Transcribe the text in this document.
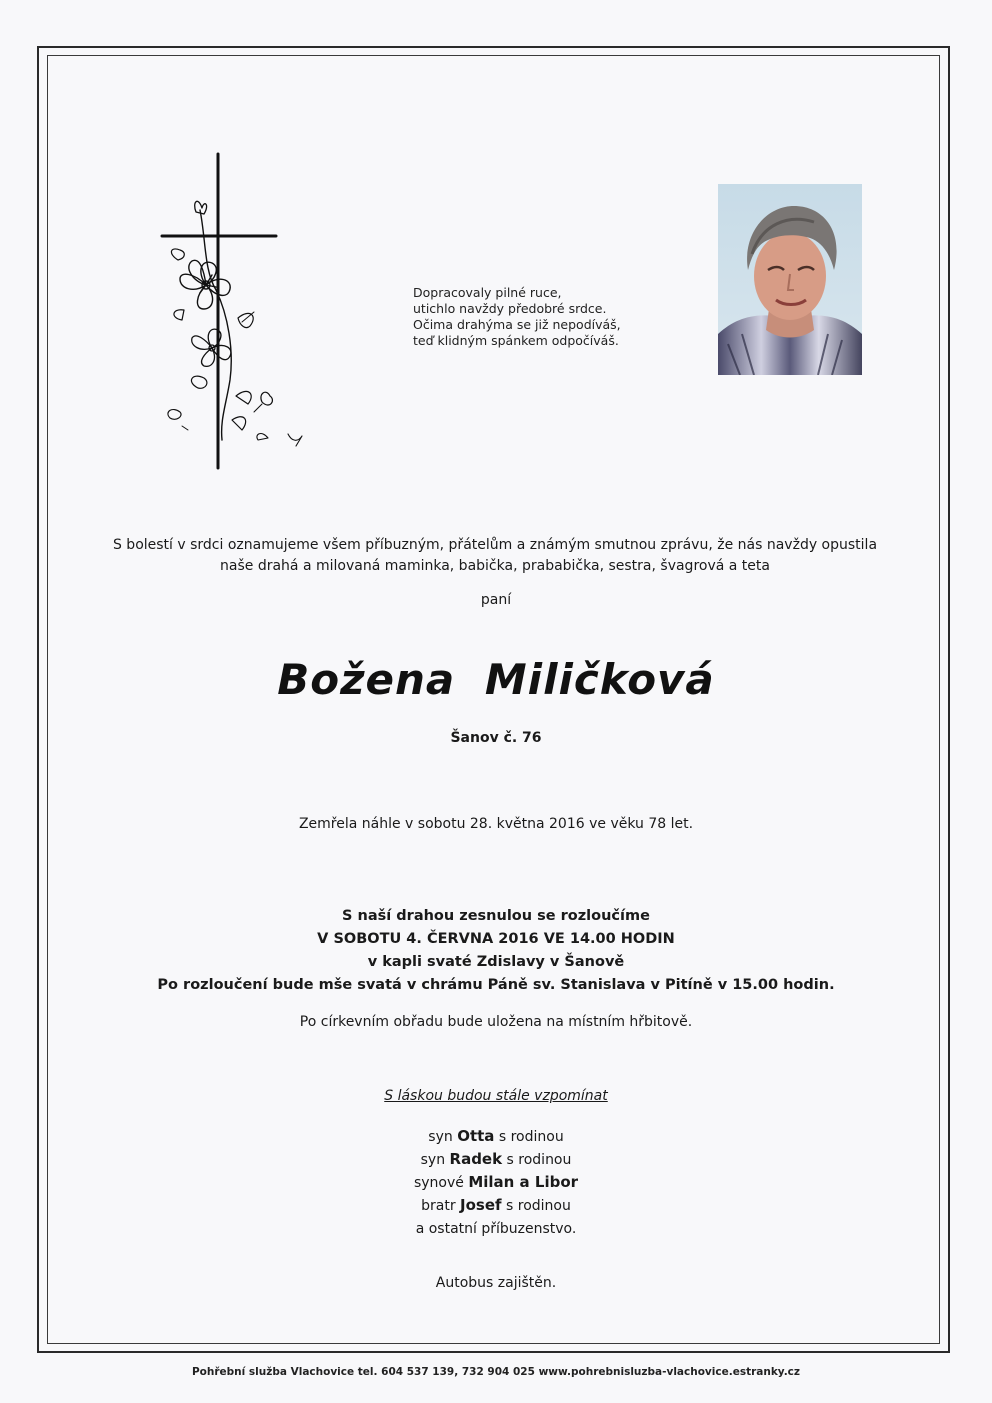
Dopracovaly pilné ruce,
utichlo navždy předobré srdce.
Očima drahýma se již nepodíváš,
teď klidným spánkem odpočíváš.
S bolestí v srdci oznamujeme všem příbuzným, přátelům a známým smutnou zprávu, že nás navždy opustila
naše drahá a milovaná maminka, babička, prababička, sestra, švagrová a teta
paní
Božena Miličková
Šanov č. 76
Zemřela náhle v sobotu 28. května 2016 ve věku 78 let.
S naší drahou zesnulou se rozloučíme
V SOBOTU 4. ČERVNA 2016 VE 14.00 HODIN
v kapli svaté Zdislavy v Šanově
Po rozloučení bude mše svatá v chrámu Páně sv. Stanislava v Pitíně v 15.00 hodin.
Po církevním obřadu bude uložena na místním hřbitově.
S láskou budou stále vzpomínat
syn Otta s rodinou
syn Radek s rodinou
synové Milan a Libor
bratr Josef s rodinou
a ostatní příbuzenstvo.
Autobus zajištěn.
Pohřební služba Vlachovice tel. 604 537 139, 732 904 025 www.pohrebnisluzba-vlachovice.estranky.cz
